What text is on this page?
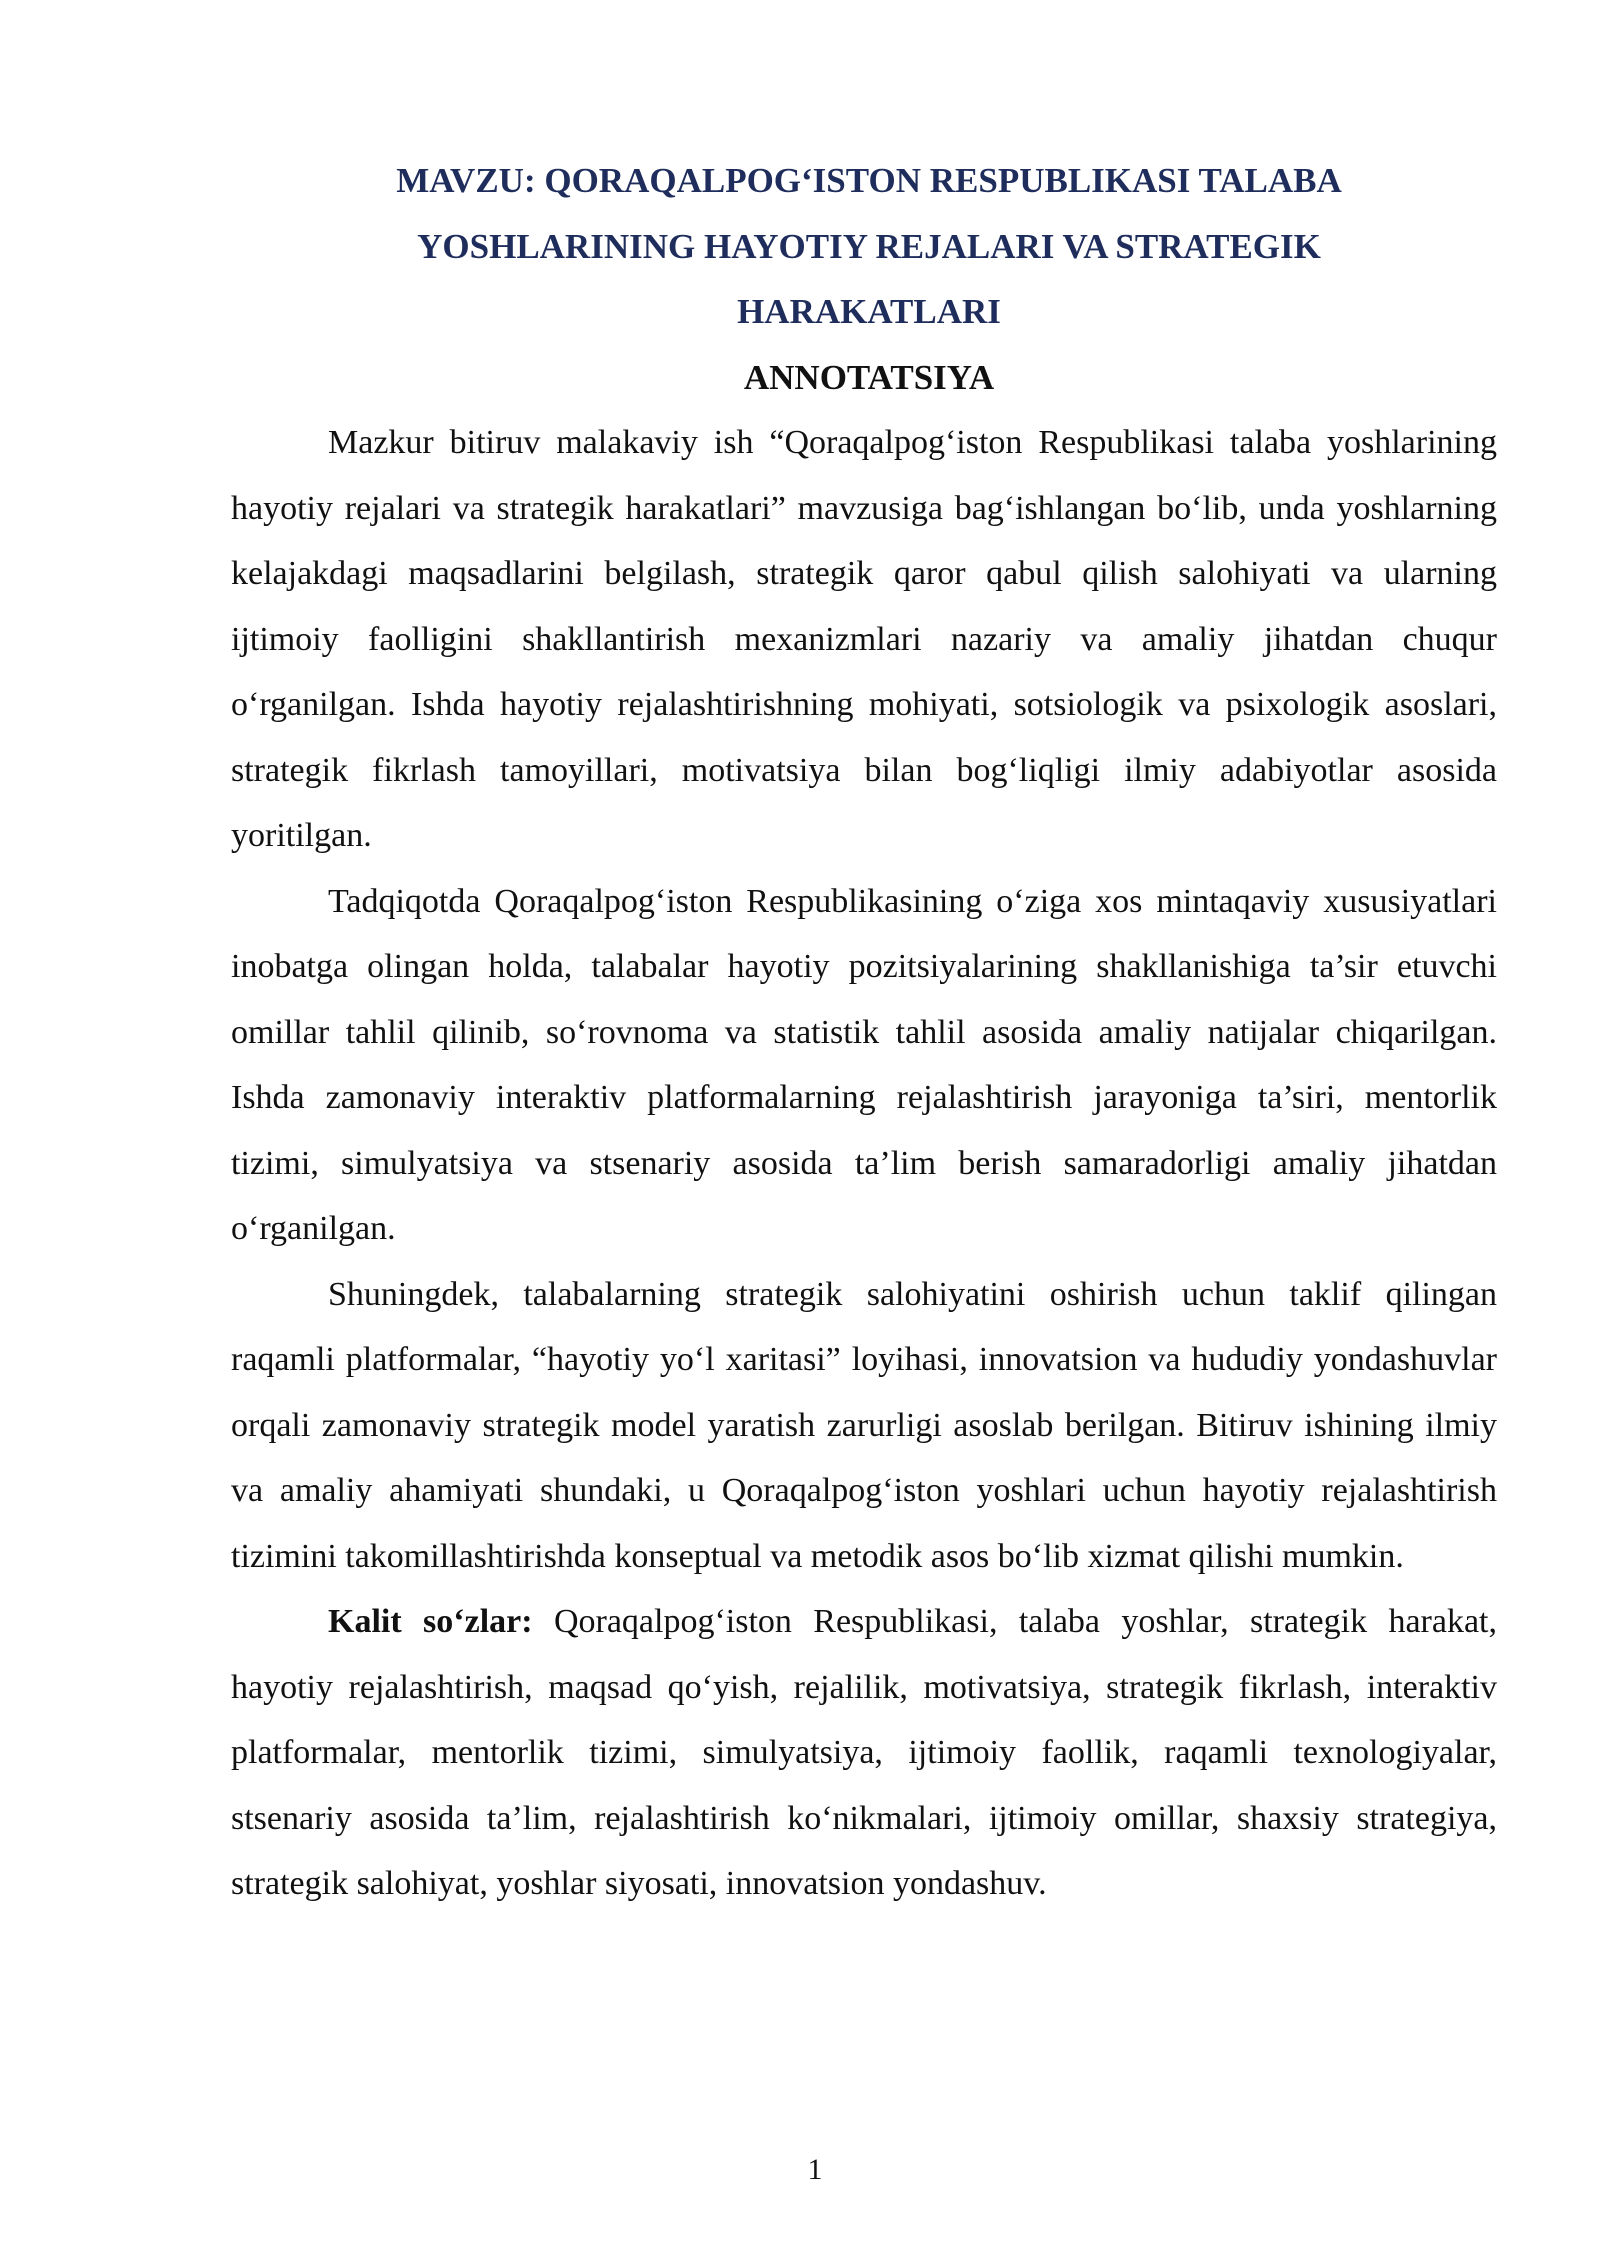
MAVZU: QORAQALPOG‘ISTON RESPUBLIKASI TALABA

YOSHLARINING HAYOTIY REJALARI VA STRATEGIK

HARAKATLARI

ANNOTATSIYA

Mazkur bitiruv malakaviy ish “Qoraqalpog‘iston Respublikasi talaba yoshlarining hayotiy rejalari va strategik harakatlari” mavzusiga bag‘ishlangan bo‘lib, unda yoshlarning kelajakdagi maqsadlarini belgilash, strategik qaror qabul qilish salohiyati va ularning ijtimoiy faolligini shakllantirish mexanizmlari nazariy va amaliy jihatdan chuqur o‘rganilgan. Ishda hayotiy rejalashtirishning mohiyati, sotsiologik va psixologik asoslari, strategik fikrlash tamoyillari, motivatsiya bilan bog‘liqligi ilmiy adabiyotlar asosida yoritilgan.

Tadqiqotda Qoraqalpog‘iston Respublikasining o‘ziga xos mintaqaviy xususiyatlari inobatga olingan holda, talabalar hayotiy pozitsiyalarining shakllanishiga ta’sir etuvchi omillar tahlil qilinib, so‘rovnoma va statistik tahlil asosida amaliy natijalar chiqarilgan. Ishda zamonaviy interaktiv platformalarning rejalashtirish jarayoniga ta’siri, mentorlik tizimi, simulyatsiya va stsenariy asosida ta’lim berish samaradorligi amaliy jihatdan o‘rganilgan.

Shuningdek, talabalarning strategik salohiyatini oshirish uchun taklif qilingan raqamli platformalar, “hayotiy yo‘l xaritasi” loyihasi, innovatsion va hududiy yondashuvlar orqali zamonaviy strategik model yaratish zarurligi asoslab berilgan. Bitiruv ishining ilmiy va amaliy ahamiyati shundaki, u Qoraqalpog‘iston yoshlari uchun hayotiy rejalashtirish tizimini takomillashtirishda konseptual va metodik asos bo‘lib xizmat qilishi mumkin.

Kalit so‘zlar: Qoraqalpog‘iston Respublikasi, talaba yoshlar, strategik harakat, hayotiy rejalashtirish, maqsad qo‘yish, rejalilik, motivatsiya, strategik fikrlash, interaktiv platformalar, mentorlik tizimi, simulyatsiya, ijtimoiy faollik, raqamli texnologiyalar, stsenariy asosida ta’lim, rejalashtirish ko‘nikmalari, ijtimoiy omillar, shaxsiy strategiya, strategik salohiyat, yoshlar siyosati, innovatsion yondashuv.

1
